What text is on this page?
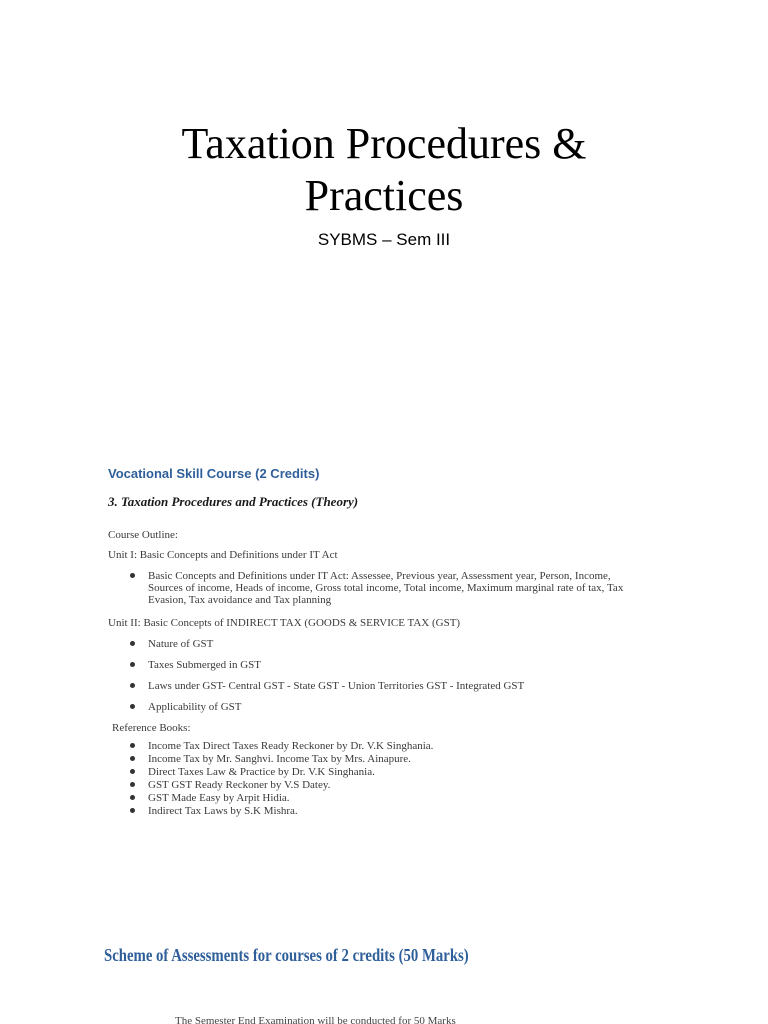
Taxation Procedures &
Practices

SYBMS – Sem III

Vocational Skill Course (2 Credits)
3. Taxation Procedures and Practices (Theory)

Course Outline:

Unit I: Basic Concepts and Definitions under IT Act

Basic Concepts and Definitions under IT Act: Assessee, Previous year, Assessment year, Person, Income, Sources of income, Heads of income, Gross total income, Total income, Maximum marginal rate of tax, Tax Evasion, Tax avoidance and Tax planning

Unit II: Basic Concepts of INDIRECT TAX (GOODS & SERVICE TAX (GST)

Nature of GST
Taxes Submerged in GST
Laws under GST- Central GST - State GST - Union Territories GST - Integrated GST
Applicability of GST

Reference Books:

Income Tax Direct Taxes Ready Reckoner by Dr. V.K Singhania.
Income Tax by Mr. Sanghvi. Income Tax by Mrs. Ainapure.
Direct Taxes Law & Practice by Dr. V.K Singhania.
GST GST Ready Reckoner by V.S Datey.
GST Made Easy by Arpit Hidia.
Indirect Tax Laws by S.K Mishra.

Scheme of Assessments for courses of 2 credits (50 Marks)

The Semester End Examination will be conducted for 50 Marks
